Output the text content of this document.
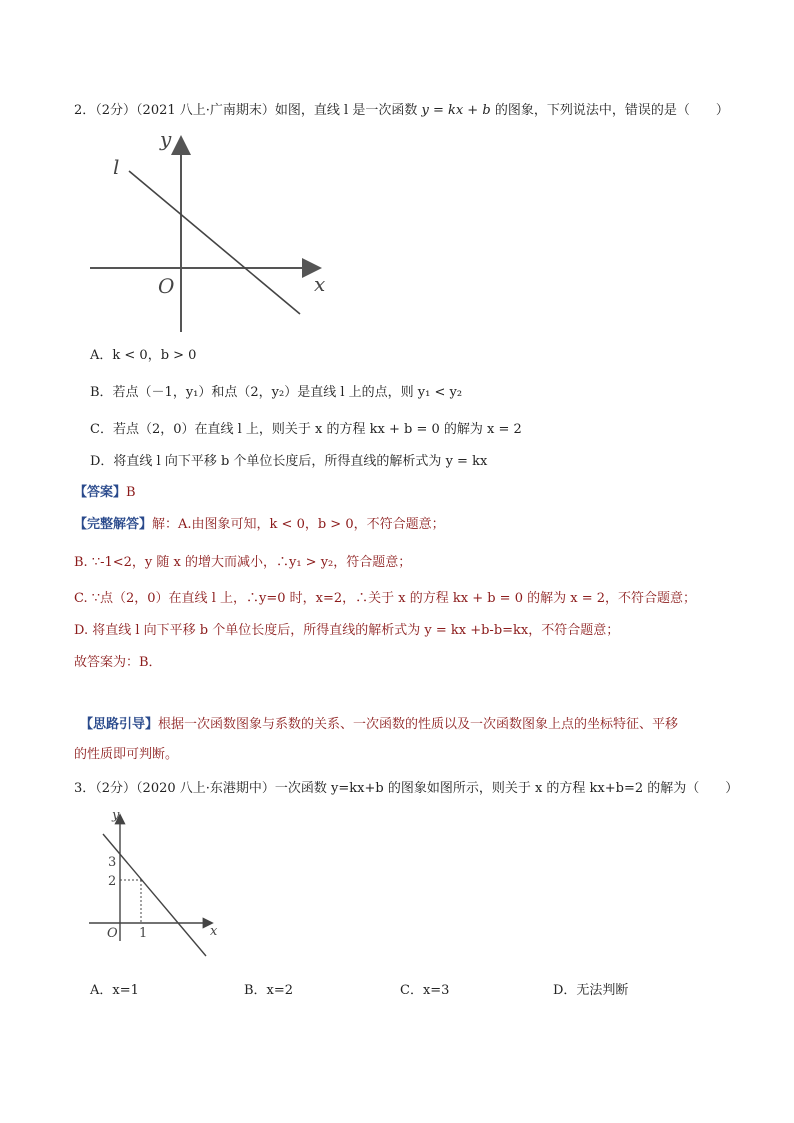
2．（2分）（2021 八上·广南期末）如图，直线 l 是一次函数 y = kx + b 的图象，下列说法中，错误的是（　　）
l
y
x
O
A．k < 0，b > 0
B．若点（－1，y₁）和点（2，y₂）是直线 l 上的点，则 y₁ < y₂
C．若点（2，0）在直线 l 上，则关于 x 的方程 kx + b = 0 的解为 x = 2
D．将直线 l 向下平移 b 个单位长度后，所得直线的解析式为 y = kx
【答案】B
【完整解答】解：A.由图象可知，k < 0，b > 0，不符合题意；
B. ∵-1<2，y 随 x 的增大而减小，∴y₁ > y₂，符合题意；
C. ∵点（2，0）在直线 l 上，∴y=0 时，x=2，∴关于 x 的方程 kx + b = 0 的解为 x = 2，不符合题意；
D. 将直线 l 向下平移 b 个单位长度后，所得直线的解析式为 y = kx +b-b=kx，不符合题意；
故答案为：B．
【思路引导】根据一次函数图象与系数的关系、一次函数的性质以及一次函数图象上点的坐标特征、平移
的性质即可判断。
3．（2分）（2020 八上·东港期中）一次函数 y=kx+b 的图象如图所示，则关于 x 的方程 kx+b=2 的解为（　　）
y
x
O
3
2
1
A．x=1	B．x=2	C．x=3	D．无法判断
